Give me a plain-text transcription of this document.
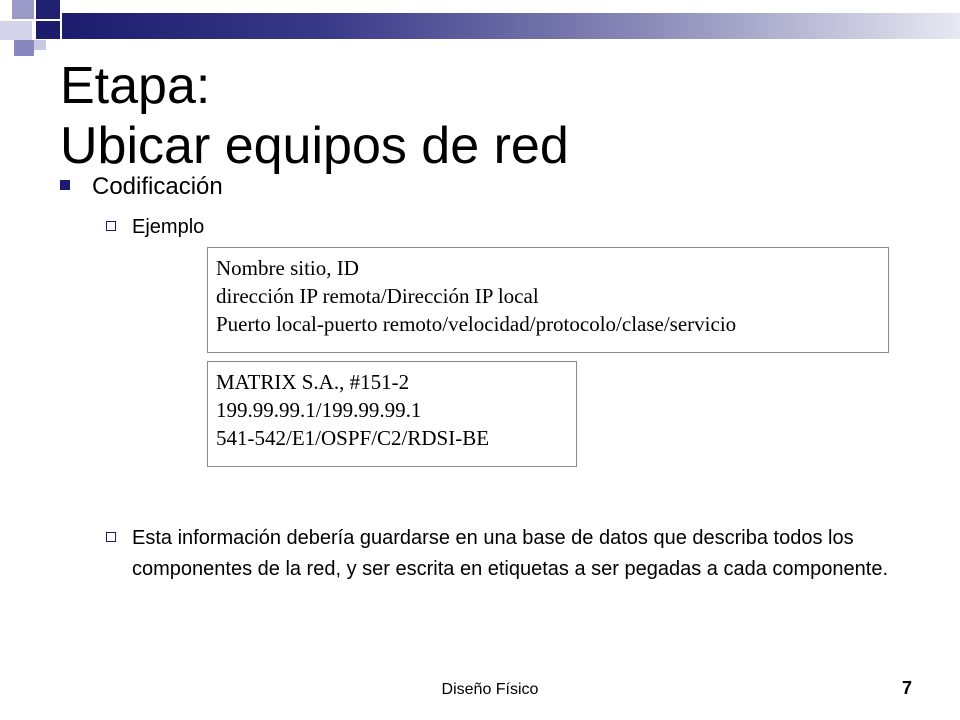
Etapa:
Ubicar equipos de red
Codificación
Ejemplo
Nombre sitio, ID
dirección IP remota/Dirección IP local
Puerto local-puerto remoto/velocidad/protocolo/clase/servicio
MATRIX S.A., #151-2
199.99.99.1/199.99.99.1
541-542/E1/OSPF/C2/RDSI-BE
Esta información debería guardarse en una base de datos que describa todos los componentes de la red, y ser escrita en etiquetas a ser pegadas a cada componente.
Diseño Físico	7
